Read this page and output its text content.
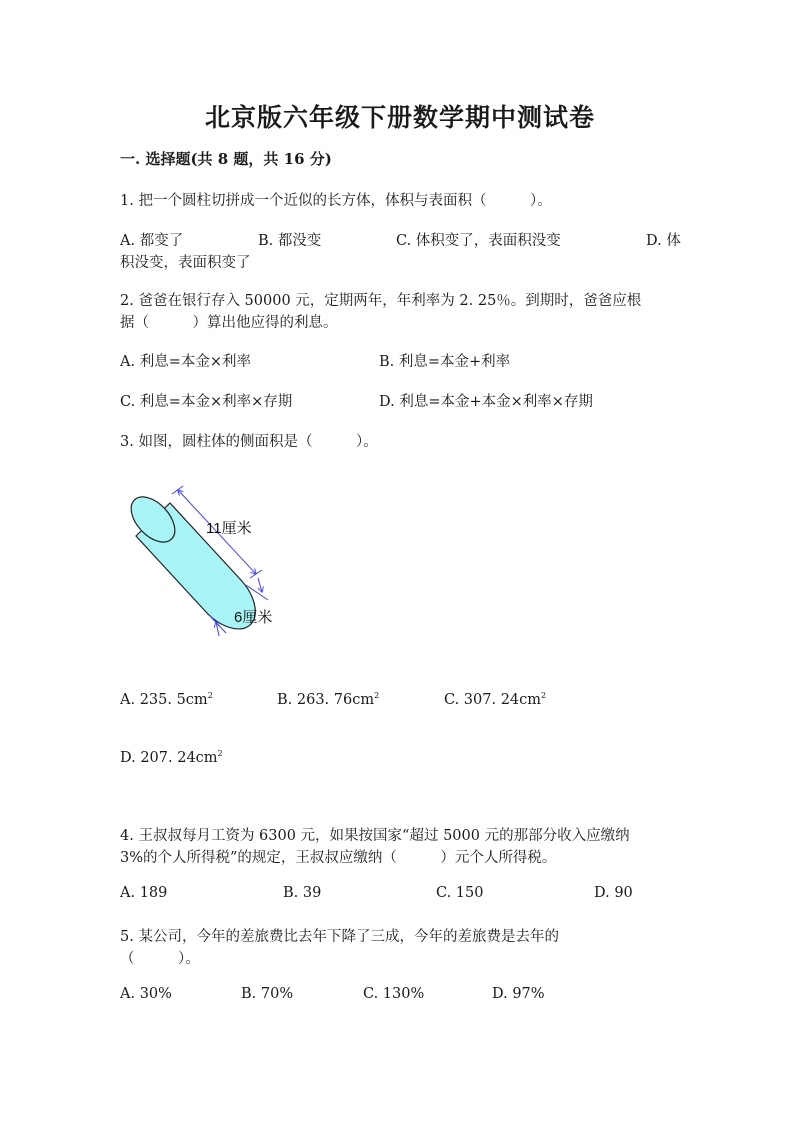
北京版六年级下册数学期中测试卷
一. 选择题(共 8 题，共 16 分)
1. 把一个圆柱切拼成一个近似的长方体，体积与表面积（　　　）。
A. 都变了	B. 都没变	C. 体积变了，表面积没变	D. 体
积没变，表面积变了
2. 爸爸在银行存入 50000 元，定期两年，年利率为 2. 25％。到期时，爸爸应根
据（　　　）算出他应得的利息。
A. 利息=本金×利率	B. 利息=本金+利率
C. 利息=本金×利率×存期	D. 利息=本金+本金×利率×存期
3. 如图，圆柱体的侧面积是（　　　）。
11厘米
6厘米
A. 235. $5cm^2$	B. 263. $76cm^2$	C. 307. $24cm^2$
D. 207. $24cm^2$
4. 王叔叔每月工资为 6300 元，如果按国家“超过 5000 元的那部分收入应缴纳
3%的个人所得税”的规定，王叔叔应缴纳（　　　）元个人所得税。
A. 189	B. 39	C. 150	D. 90
5. 某公司，今年的差旅费比去年下降了三成，今年的差旅费是去年的
（　　　）。
A. 30%	B. 70%	C. 130%	D. 97%
